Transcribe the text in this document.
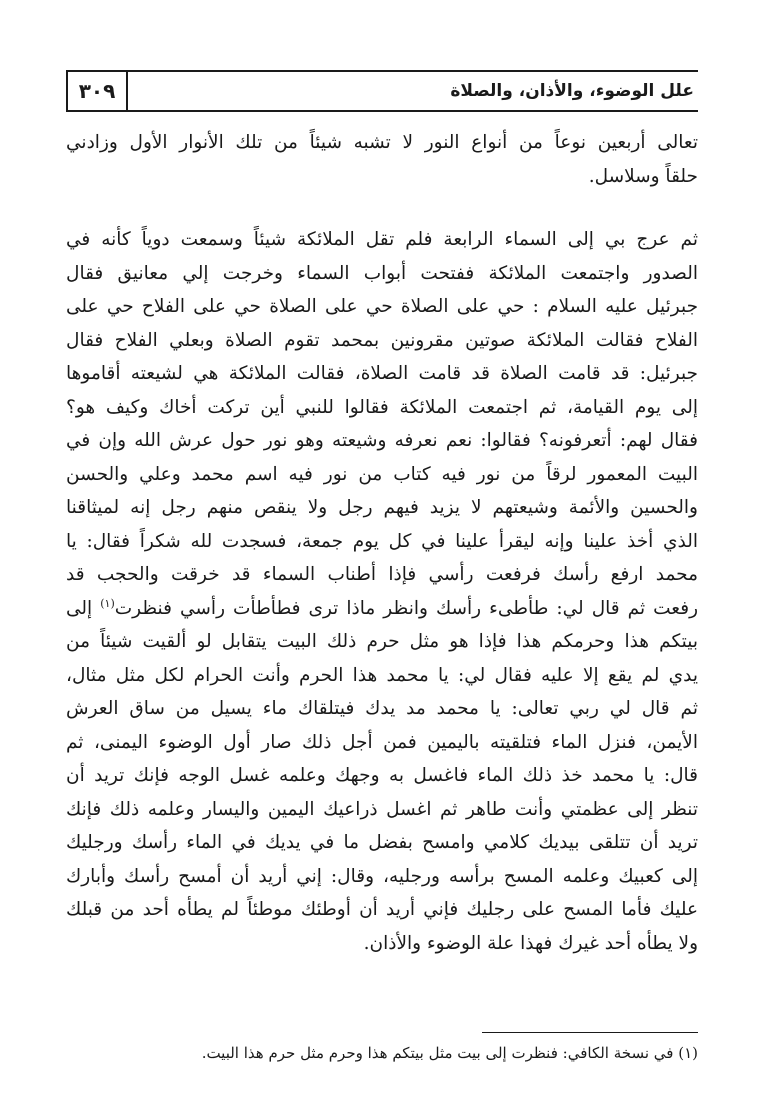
٣٠٩	علل الوضوء، والأذان، والصلاة
تعالى أربعين نوعاً من أنواع النور لا تشبه شيئاً من تلك الأنوار الأول وزادني
حلقاً وسلاسل.
ثم عرج بي إلى السماء الرابعة فلم تقل الملائكة شيئاً وسمعت دوياً كأنه في
الصدور واجتمعت الملائكة ففتحت أبواب السماء وخرجت إلي معانيق فقال
جبرئيل عليه السلام : حي على الصلاة حي على الصلاة حي على الفلاح حي على
الفلاح فقالت الملائكة صوتين مقرونين بمحمد تقوم الصلاة وبعلي الفلاح فقال
جبرئيل: قد قامت الصلاة قد قامت الصلاة، فقالت الملائكة هي لشيعته أقاموها
إلى يوم القيامة، ثم اجتمعت الملائكة فقالوا للنبي أين تركت أخاك وكيف هو؟
فقال لهم: أتعرفونه؟ فقالوا: نعم نعرفه وشيعته وهو نور حول عرش الله وإن في
البيت المعمور لرقاً من نور فيه كتاب من نور فيه اسم محمد وعلي والحسن
والحسين والأئمة وشيعتهم لا يزيد فيهم رجل ولا ينقص منهم رجل إنه لميثاقنا
الذي أخذ علينا وإنه ليقرأ علينا في كل يوم جمعة، فسجدت لله شكراً فقال: يا
محمد ارفع رأسك فرفعت رأسي فإذا أطناب السماء قد خرقت والحجب قد
رفعت ثم قال لي: طأطىء رأسك وانظر ماذا ترى فطأطأت رأسي فنظرت$^{(١)}$ إلى
بيتكم هذا وحرمكم هذا فإذا هو مثل حرم ذلك البيت يتقابل لو ألقيت شيئاً من
يدي لم يقع إلا عليه فقال لي: يا محمد هذا الحرم وأنت الحرام لكل مثل مثال،
ثم قال لي ربي تعالى: يا محمد مد يدك فيتلقاك ماء يسيل من ساق العرش
الأيمن، فنزل الماء فتلقيته باليمين فمن أجل ذلك صار أول الوضوء اليمنى، ثم
قال: يا محمد خذ ذلك الماء فاغسل به وجهك وعلمه غسل الوجه فإنك تريد أن
تنظر إلى عظمتي وأنت طاهر ثم اغسل ذراعيك اليمين واليسار وعلمه ذلك فإنك
تريد أن تتلقى بيديك كلامي وامسح بفضل ما في يديك في الماء رأسك ورجليك
إلى كعبيك وعلمه المسح برأسه ورجليه، وقال: إني أريد أن أمسح رأسك وأبارك
عليك فأما المسح على رجليك فإني أريد أن أوطئك موطئاً لم يطأه أحد من قبلك
ولا يطأه أحد غيرك فهذا علة الوضوء والأذان.
(١) في نسخة الكافي: فنظرت إلى بيت مثل بيتكم هذا وحرم مثل حرم هذا البيت.
